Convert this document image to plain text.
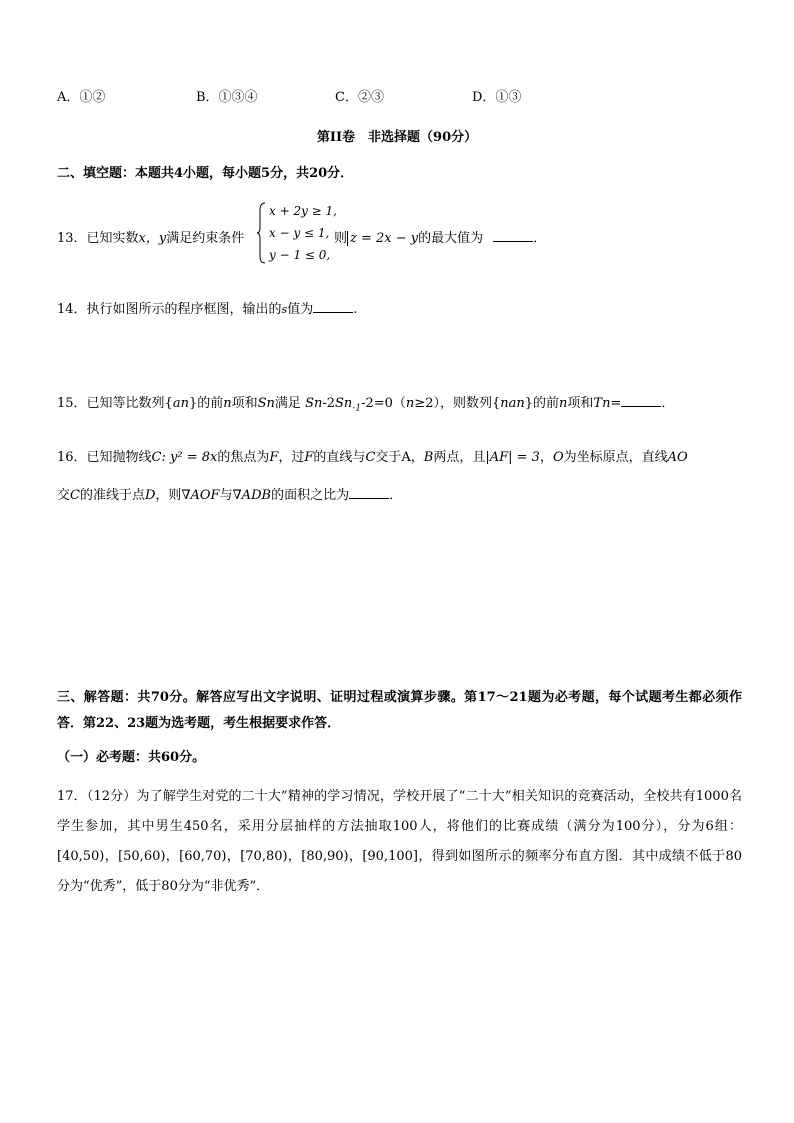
A．①②	B．①③④	C．②③	D．①③
第II卷　非选择题（90分）
二、填空题：本题共4小题，每小题5分，共20分．
13．已知实数x，y满足约束条件
x + 2y ≥ 1,
x − y ≤ 1,
y − 1 ≤ 0,
则 z = 2x − y的最大值为	．
14．执行如图所示的程序框图，输出的s值为	.
15．已知等比数列{an}的前n项和Sn满足 $Sn-2Sn_{-1}-2=0(n\ge 2)$，则数列{nan}的前n项和Tn=	．
16．已知抛物线C: y² = 8x的焦点为F，过F的直线与C交于A，B两点，且|AF| = 3，O为坐标原点，直线AO
交C的准线于点D，则∇AOF与∇ADB的面积之比为	．
三、解答题：共70分。解答应写出文字说明、证明过程或演算步骤。第17～21题为必考题，每个试题考生都必须作答．第22、23题为选考题，考生根据要求作答．
（一）必考题：共60分。
17．（12分）为了解学生对党的二十大”精神的学习情况，学校开展了“二十大”相关知识的竞赛活动，全校共有1000名学生参加，其中男生450名，采用分层抽样的方法抽取100人，将他们的比赛成绩（满分为100分），分为6组：[40,50)，[50,60)，[60,70)，[70,80)，[80,90)，[90,100]，得到如图所示的频率分布直方图．其中成绩不低于80分为“优秀”，低于80分为“非优秀”．
